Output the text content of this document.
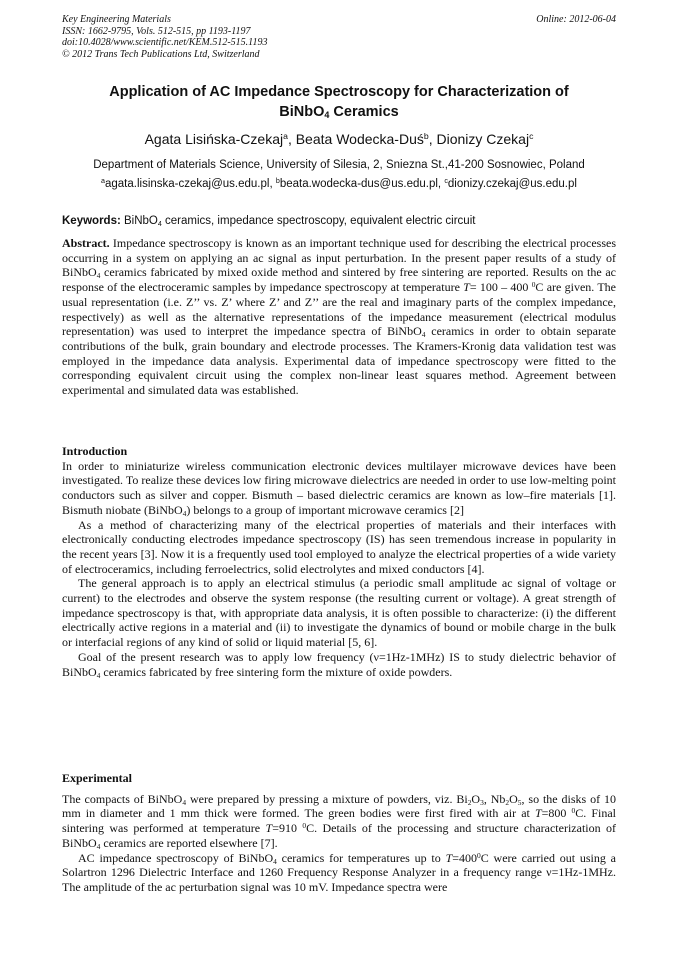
Key Engineering Materials
ISSN: 1662-9795, Vols. 512-515, pp 1193-1197
doi:10.4028/www.scientific.net/KEM.512-515.1193
© 2012 Trans Tech Publications Ltd, Switzerland
Online: 2012-06-04
Application of AC Impedance Spectroscopy for Characterization of
BiNbO$_4$ Ceramics
Agata Lisińska-Czekaj$^a$, Beata Wodecka-Duś$^b$, Dionizy Czekaj$^c$
Department of Materials Science, University of Silesia, 2, Sniezna St.,41-200 Sosnowiec, Poland
$^a$agata.lisinska-czekaj@us.edu.pl, $^b$beata.wodecka-dus@us.edu.pl, $^c$dionizy.czekaj@us.edu.pl
Keywords: BiNbO$_4$ ceramics, impedance spectroscopy, equivalent electric circuit

Abstract. Impedance spectroscopy is known as an important technique used for describing the electrical processes occurring in a system on applying an ac signal as input perturbation. In the present paper results of a study of BiNbO$_4$ ceramics fabricated by mixed oxide method and sintered by free sintering are reported. Results on the ac response of the electroceramic samples by impedance spectroscopy at temperature T= 100 – 400 $^0$C are given. The usual representation (i.e. Z’’ vs. Z’ where Z’ and Z’’ are the real and imaginary parts of the complex impedance, respectively) as well as the alternative representations of the impedance measurement (electrical modulus representation) was used to interpret the impedance spectra of BiNbO$_4$ ceramics in order to obtain separate contributions of the bulk, grain boundary and electrode processes. The Kramers-Kronig data validation test was employed in the impedance data analysis. Experimental data of impedance spectroscopy were fitted to the corresponding equivalent circuit using the complex non-linear least squares method. Agreement between experimental and simulated data was established.

Introduction

In order to miniaturize wireless communication electronic devices multilayer microwave devices have been investigated. To realize these devices low firing microwave dielectrics are needed in order to use low-melting point conductors such as silver and copper. Bismuth – based dielectric ceramics are known as low–fire materials [1]. Bismuth niobate (BiNbO$_4$) belongs to a group of important microwave ceramics [2]

As a method of characterizing many of the electrical properties of materials and their interfaces with electronically conducting electrodes impedance spectroscopy (IS) has seen tremendous increase in popularity in the recent years [3]. Now it is a frequently used tool employed to analyze the electrical properties of a wide variety of electroceramics, including ferroelectrics, solid electrolytes and mixed conductors [4].

The general approach is to apply an electrical stimulus (a periodic small amplitude ac signal of voltage or current) to the electrodes and observe the system response (the resulting current or voltage). A great strength of impedance spectroscopy is that, with appropriate data analysis, it is often possible to characterize: (i) the different electrically active regions in a material and (ii) to investigate the dynamics of bound or mobile charge in the bulk or interfacial regions of any kind of solid or liquid material [5, 6].

Goal of the present research was to apply low frequency (ν=1Hz-1MHz) IS to study dielectric behavior of BiNbO$_4$ ceramics fabricated by free sintering form the mixture of oxide powders.

Experimental

The compacts of BiNbO$_4$ were prepared by pressing a mixture of powders, viz. $Bi_2O_3$, $Nb_2O_5$, so the disks of 10 mm in diameter and 1 mm thick were formed. The green bodies were first fired with air at T=800 $^0$C. Final sintering was performed at temperature T=910 $^0$C. Details of the processing and structure characterization of BiNbO$_4$ ceramics are reported elsewhere [7].

AC impedance spectroscopy of BiNbO$_4$ ceramics for temperatures up to $T=400^0C$ were carried out using a Solartron 1296 Dielectric Interface and 1260 Frequency Response Analyzer in a frequency range ν=1Hz-1MHz. The amplitude of the ac perturbation signal was 10 mV. Impedance spectra were
